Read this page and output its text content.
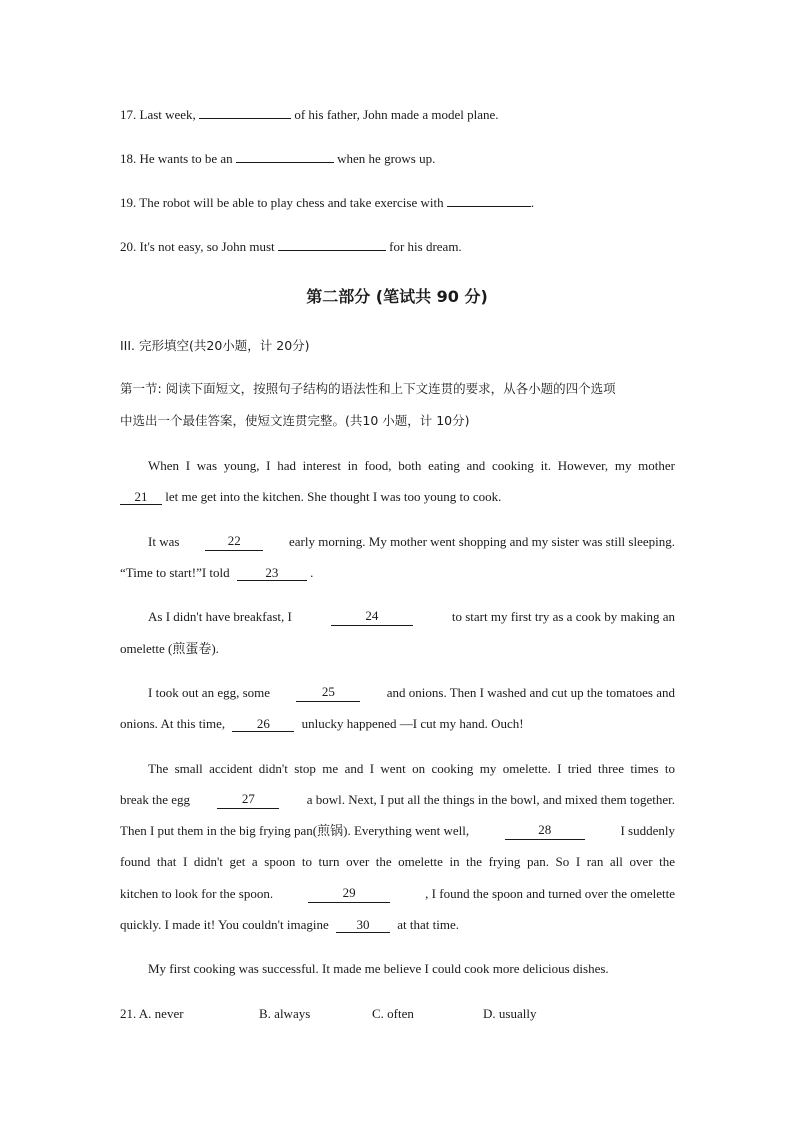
17. Last week,	of his father, John made a model plane.
18. He wants to be an	when he grows up.
19. The robot will be able to play chess and take exercise with	.
20. It's not easy, so John must	for his dream.
第二部分 (笔试共 90 分)
III. 完形填空(共20小题，计 20分)
第一节: 阅读下面短文，按照句子结构的语法性和上下文连贯的要求，从各小题的四个选项
中选出一个最佳答案，使短文连贯完整。(共10 小题，计 10分)
When I was young, I had interest in food, both eating and cooking it. However, my mother
21 let me get into the kitchen. She thought I was too young to cook.
It was	22	early morning. My mother went shopping and my sister was still sleeping.
“Time to start!”I told	23 .
As I didn't have breakfast, I	24	to start my first try as a cook by making an
omelette (煎蛋卷).
I took out an egg, some	25	and onions. Then I washed and cut up the tomatoes and
onions. At this time, 26 unlucky happened —I cut my hand. Ouch!
The small accident didn't stop me and I went on cooking my omelette. I tried three times to
break the egg	27	a bowl. Next, I put all the things in the bowl, and mixed them together.
Then I put them in the big frying pan(煎锅). Everything went well,	28	I suddenly
found that I didn't get a spoon to turn over the omelette in the frying pan. So I ran all over the
kitchen to look for the spoon.	29	, I found the spoon and turned over the omelette
quickly. I made it! You couldn't imagine 30 at that time.
My first cooking was successful. It made me believe I could cook more delicious dishes.
21. A. never	B. always	C. often	D. usually
